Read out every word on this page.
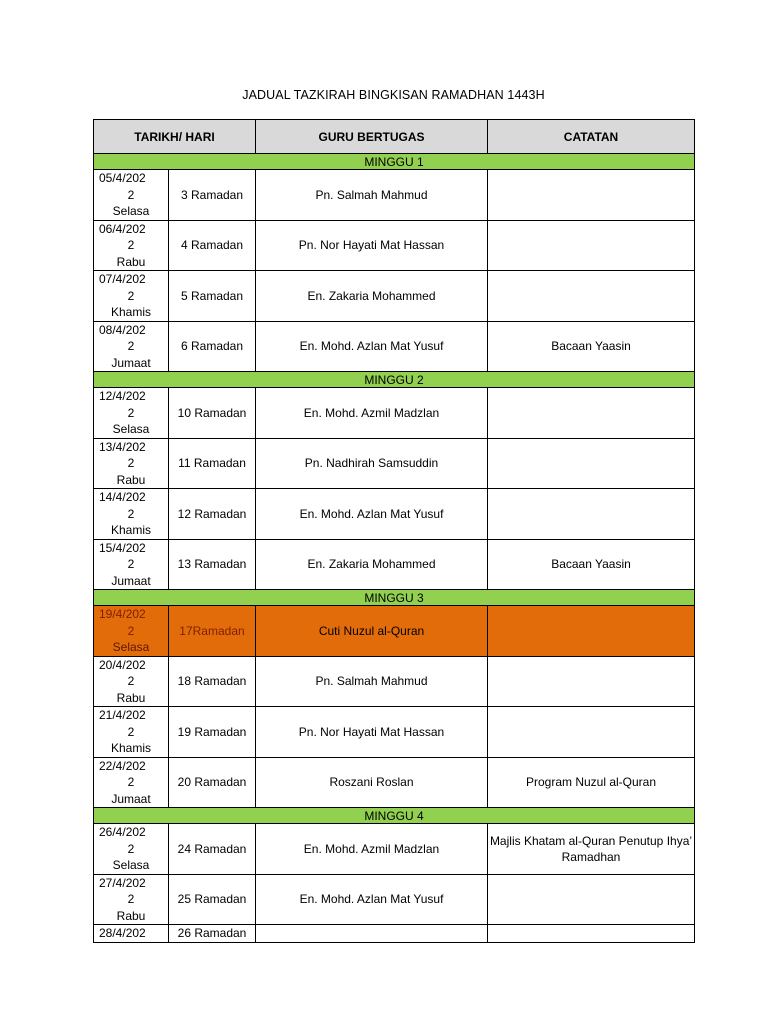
JADUAL TAZKIRAH BINGKISAN RAMADHAN 1443H
TARIKH/ HARI		GURU BERTUGAS	CATATAN
MINGGU 1			

05/4/202
2
Selasa	3 Ramadan	Pn. Salmah Mahmud	

06/4/202
2
Rabu	4 Ramadan	Pn. Nor Hayati Mat Hassan	

07/4/202
2
Khamis	5 Ramadan	En. Zakaria Mohammed	

08/4/202
2
Jumaat	6 Ramadan	En. Mohd. Azlan Mat Yusuf	Bacaan Yaasin
MINGGU 2			

12/4/202
2
Selasa	10 Ramadan	En. Mohd. Azmil Madzlan	

13/4/202
2
Rabu	11 Ramadan	Pn. Nadhirah Samsuddin	

14/4/202
2
Khamis	12 Ramadan	En. Mohd. Azlan Mat Yusuf	

15/4/202
2
Jumaat	13 Ramadan	En. Zakaria Mohammed	Bacaan Yaasin
MINGGU 3			

19/4/202
2
Selasa	17Ramadan	Cuti Nuzul al-Quran	

20/4/202
2
Rabu	18 Ramadan	Pn. Salmah Mahmud	

21/4/202
2
Khamis	19 Ramadan	Pn. Nor Hayati Mat Hassan	

22/4/202
2
Jumaat	20 Ramadan	Roszani Roslan	Program Nuzul al-Quran
MINGGU 4			

26/4/202
2
Selasa	24 Ramadan	En. Mohd. Azmil Madzlan	Majlis Khatam al-Quran Penutup Ihya’ Ramadhan

27/4/202
2
Rabu	25 Ramadan	En. Mohd. Azlan Mat Yusuf	

28/4/202	26 Ramadan		
